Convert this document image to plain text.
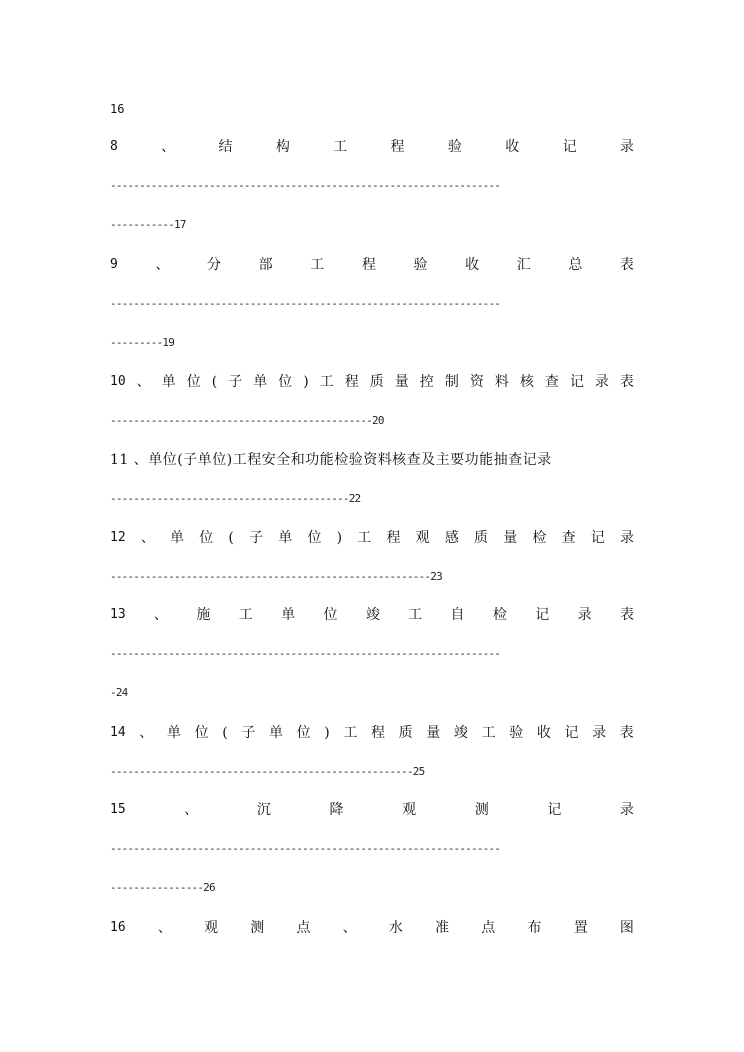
16
8	、	结	构	工	程	验	收	记	录
-------------------------------------------------------------------
-----------17
9	、	分	部	工	程	验	收	汇	总	表
-------------------------------------------------------------------
---------19
10 、 单 位 ( 子 单 位 ) 工 程 质 量 控 制 资 料 核 查 记 录 表
---------------------------------------------20
11 、单位(子单位)工程安全和功能检验资料核查及主要功能抽查记录
-----------------------------------------22
12 、 单 位 ( 子 单 位 ) 工 程 观 感 质 量 检 查 记 录
-------------------------------------------------------23
13 、 施 工 单 位 竣 工 自 检 记 录 表
-------------------------------------------------------------------
-24
14 、 单 位 ( 子 单 位 ) 工 程 质 量 竣 工 验 收 记 录 表
----------------------------------------------------25
15	、	沉	降	观	测	记	录
-------------------------------------------------------------------
----------------26
16 、 观 测 点 、 水 准 点 布 置 图
